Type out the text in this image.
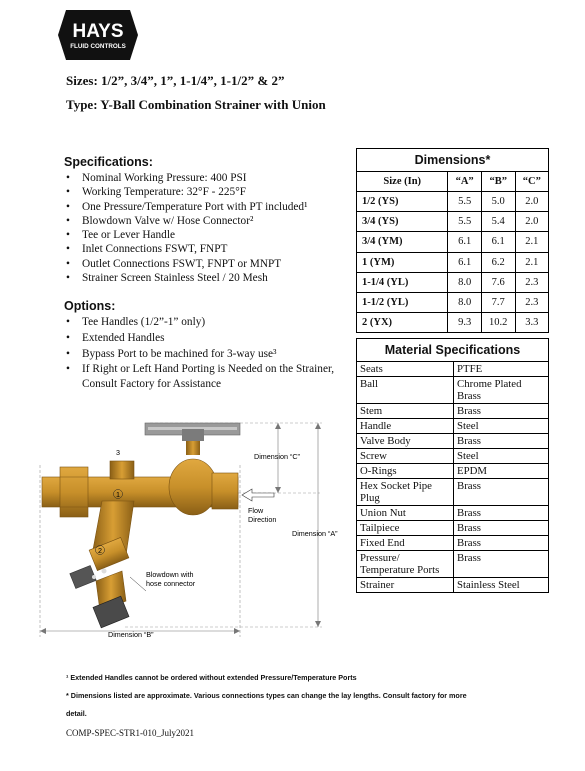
HAYS
FLUID CONTROLS
Sizes: 1/2”, 3/4”, 1”, 1-1/4”, 1-1/2” & 2”
Type: Y-Ball Combination Strainer with Union
Specifications:
• Nominal Working Pressure: 400 PSI
• Working Temperature: 32°F - 225°F
• One Pressure/Temperature Port with PT included¹
• Blowdown Valve w/ Hose Connector²
• Tee or Lever Handle
• Inlet Connections FSWT, FNPT
• Outlet Connections FSWT, FNPT or MNPT
• Strainer Screen Stainless Steel / 20 Mesh
Options:
• Tee Handles (1/2”-1” only)
• Extended Handles
• Bypass Port to be machined for 3-way use³
• If Right or Left Hand Porting is Needed on the Strainer, Consult Factory for Assistance
Dimensions*			
Size (In)	“A”	“B”	“C”
1/2 (YS)	5.5	5.0	2.0
3/4 (YS)	5.5	5.4	2.0
3/4 (YM)	6.1	6.1	2.1
1 (YM)	6.1	6.2	2.1
1-1/4 (YL)	8.0	7.6	2.3
1-1/2 (YL)	8.0	7.7	2.3
2 (YX)	9.3	10.2	3.3
Material Specifications	
Seats	PTFE
Ball	Chrome Plated Brass
Stem	Brass
Handle	Steel
Valve Body	Brass
Screw	Steel
O-Rings	EPDM
Hex Socket Pipe Plug	Brass
Union Nut	Brass
Tailpiece	Brass
Fixed End	Brass
Pressure/ Temperature Ports	Brass
Strainer	Stainless Steel
3
1
2
Dimension “C”
Dimension “A”
Dimension “B”
Flow Direction
Blowdown with hose connector
¹ Extended Handles cannot be ordered without extended Pressure/Temperature Ports
* Dimensions listed are approximate. Various connections types can change the lay lengths. Consult factory for more
detail.
COMP-SPEC-STR1-010_July2021
